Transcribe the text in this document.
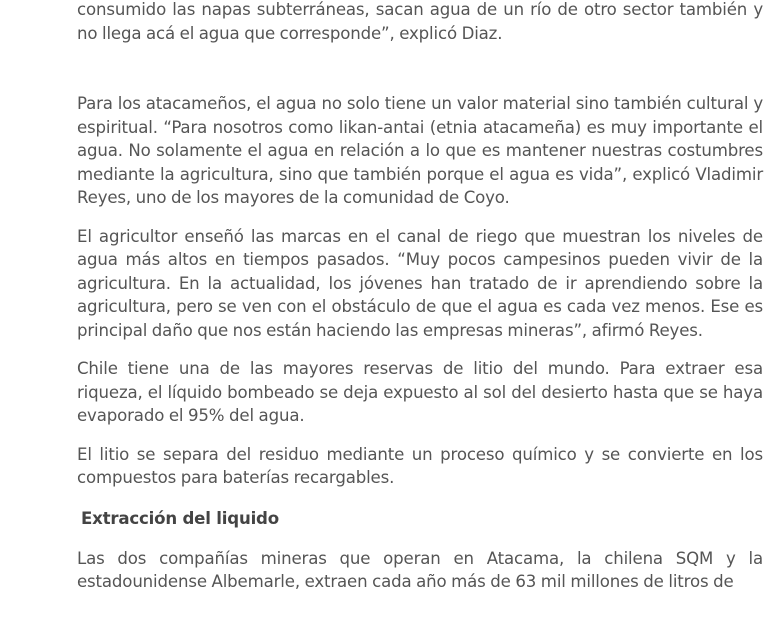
consumido las napas subterráneas, sacan agua de un río de otro sector también y no llega acá el agua que corresponde”, explicó Diaz.

Para los atacameños, el agua no solo tiene un valor material sino también cultural y espiritual. “Para nosotros como likan-antai (etnia atacameña) es muy importante el agua. No solamente el agua en relación a lo que es mantener nuestras costumbres mediante la agricultura, sino que también porque el agua es vida”, explicó Vladimir Reyes, uno de los mayores de la comunidad de Coyo.

El agricultor enseñó las marcas en el canal de riego que muestran los niveles de agua más altos en tiempos pasados. “Muy pocos campesinos pueden vivir de la agricultura. En la actualidad, los jóvenes han tratado de ir aprendiendo sobre la agricultura, pero se ven con el obstáculo de que el agua es cada vez menos. Ese es principal daño que nos están haciendo las empresas mineras”, afirmó Reyes.

Chile tiene una de las mayores reservas de litio del mundo. Para extraer esa riqueza, el líquido bombeado se deja expuesto al sol del desierto hasta que se haya evaporado el 95% del agua.

El litio se separa del residuo mediante un proceso químico y se convierte en los compuestos para baterías recargables.

Extracción del liquido

Las dos compañías mineras que operan en Atacama, la chilena SQM y la estadounidense Albemarle, extraen cada año más de 63 mil millones de litros de
